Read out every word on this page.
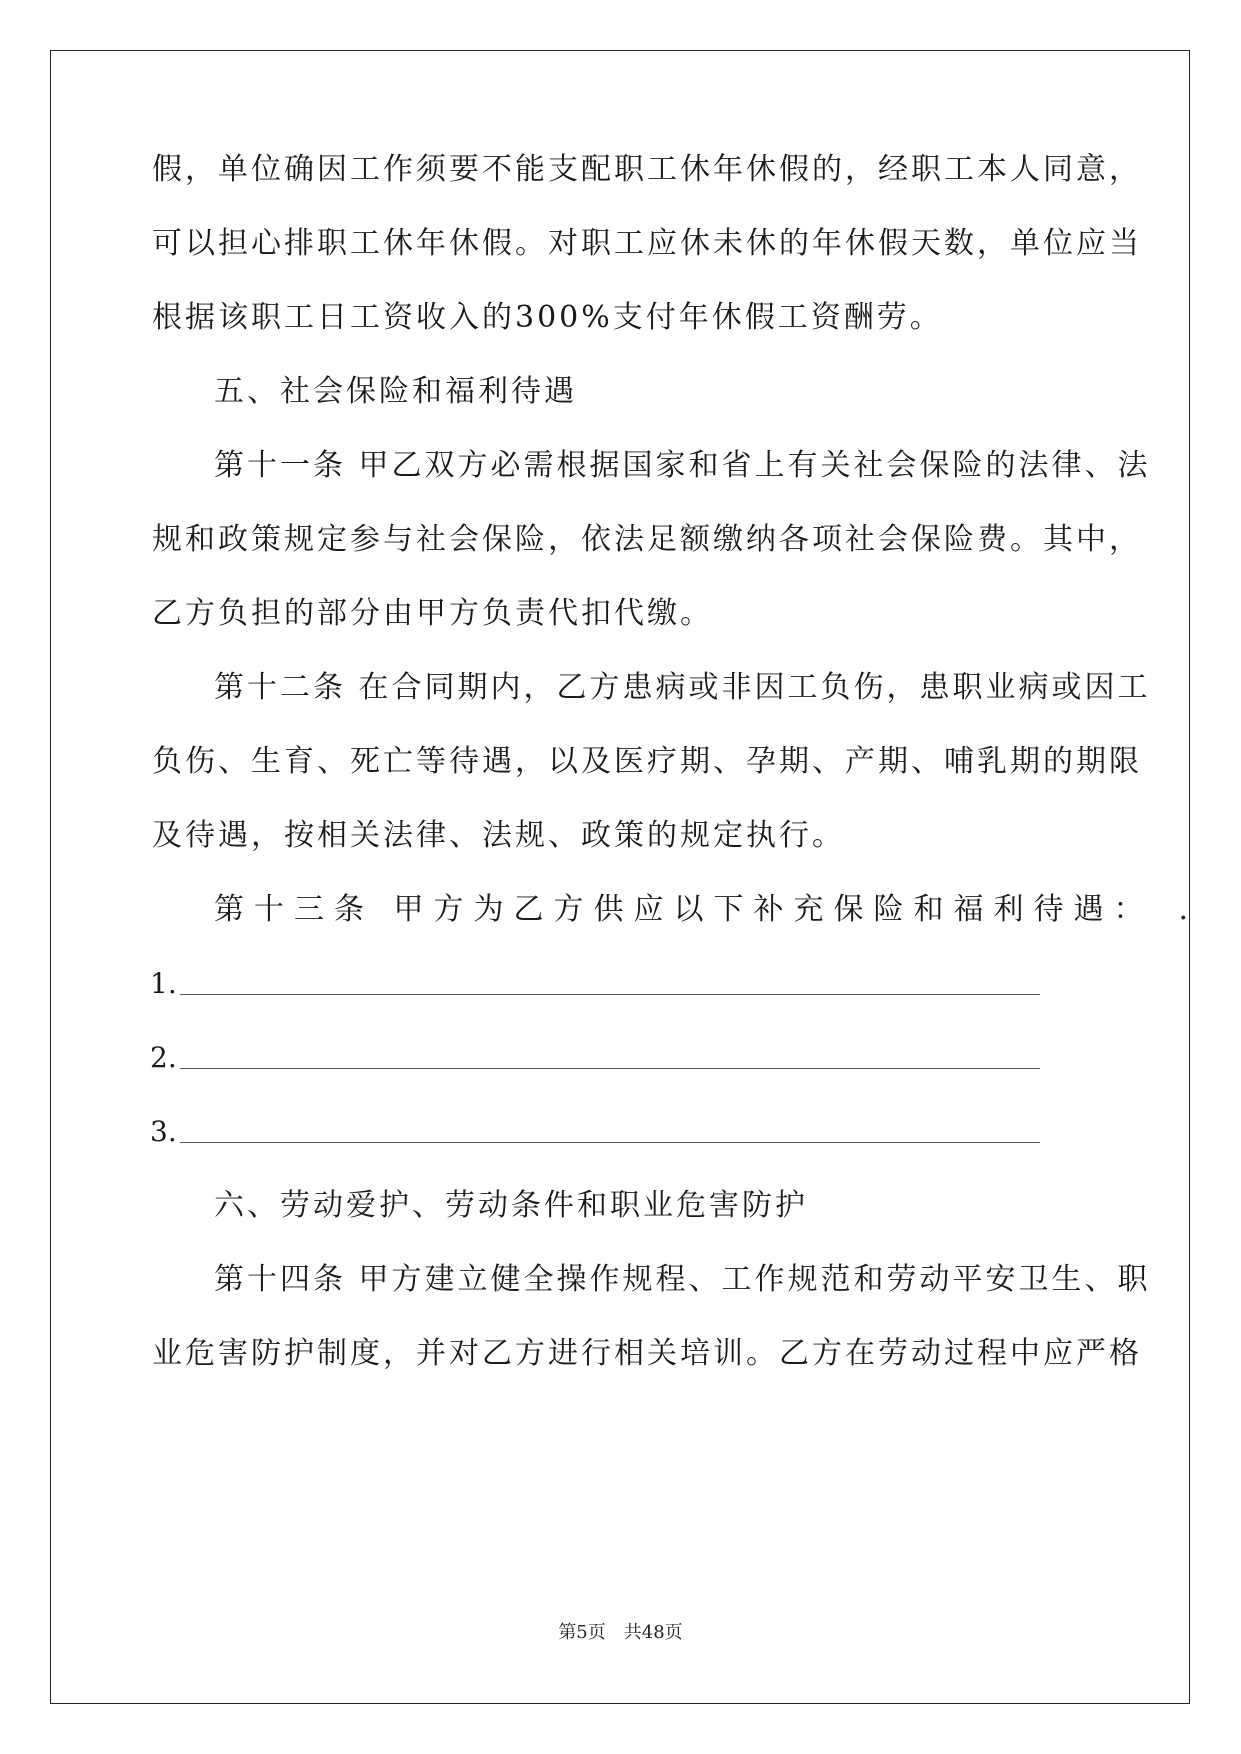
假，单位确因工作须要不能支配职工休年休假的，经职工本人同意，
可以担心排职工休年休假。对职工应休未休的年休假天数，单位应当
根据该职工日工资收入的300%支付年休假工资酬劳。
五、社会保险和福利待遇
第十一条 甲乙双方必需根据国家和省上有关社会保险的法律、法
规和政策规定参与社会保险，依法足额缴纳各项社会保险费。其中，
乙方负担的部分由甲方负责代扣代缴。
第十二条 在合同期内，乙方患病或非因工负伤，患职业病或因工
负伤、生育、死亡等待遇，以及医疗期、孕期、产期、哺乳期的期限
及待遇，按相关法律、法规、政策的规定执行。
第十三条 甲方为乙方供应以下补充保险和福利待遇：　.
1.
2.
3.
六、劳动爱护、劳动条件和职业危害防护
第十四条 甲方建立健全操作规程、工作规范和劳动平安卫生、职
业危害防护制度，并对乙方进行相关培训。乙方在劳动过程中应严格
第5页　共48页
